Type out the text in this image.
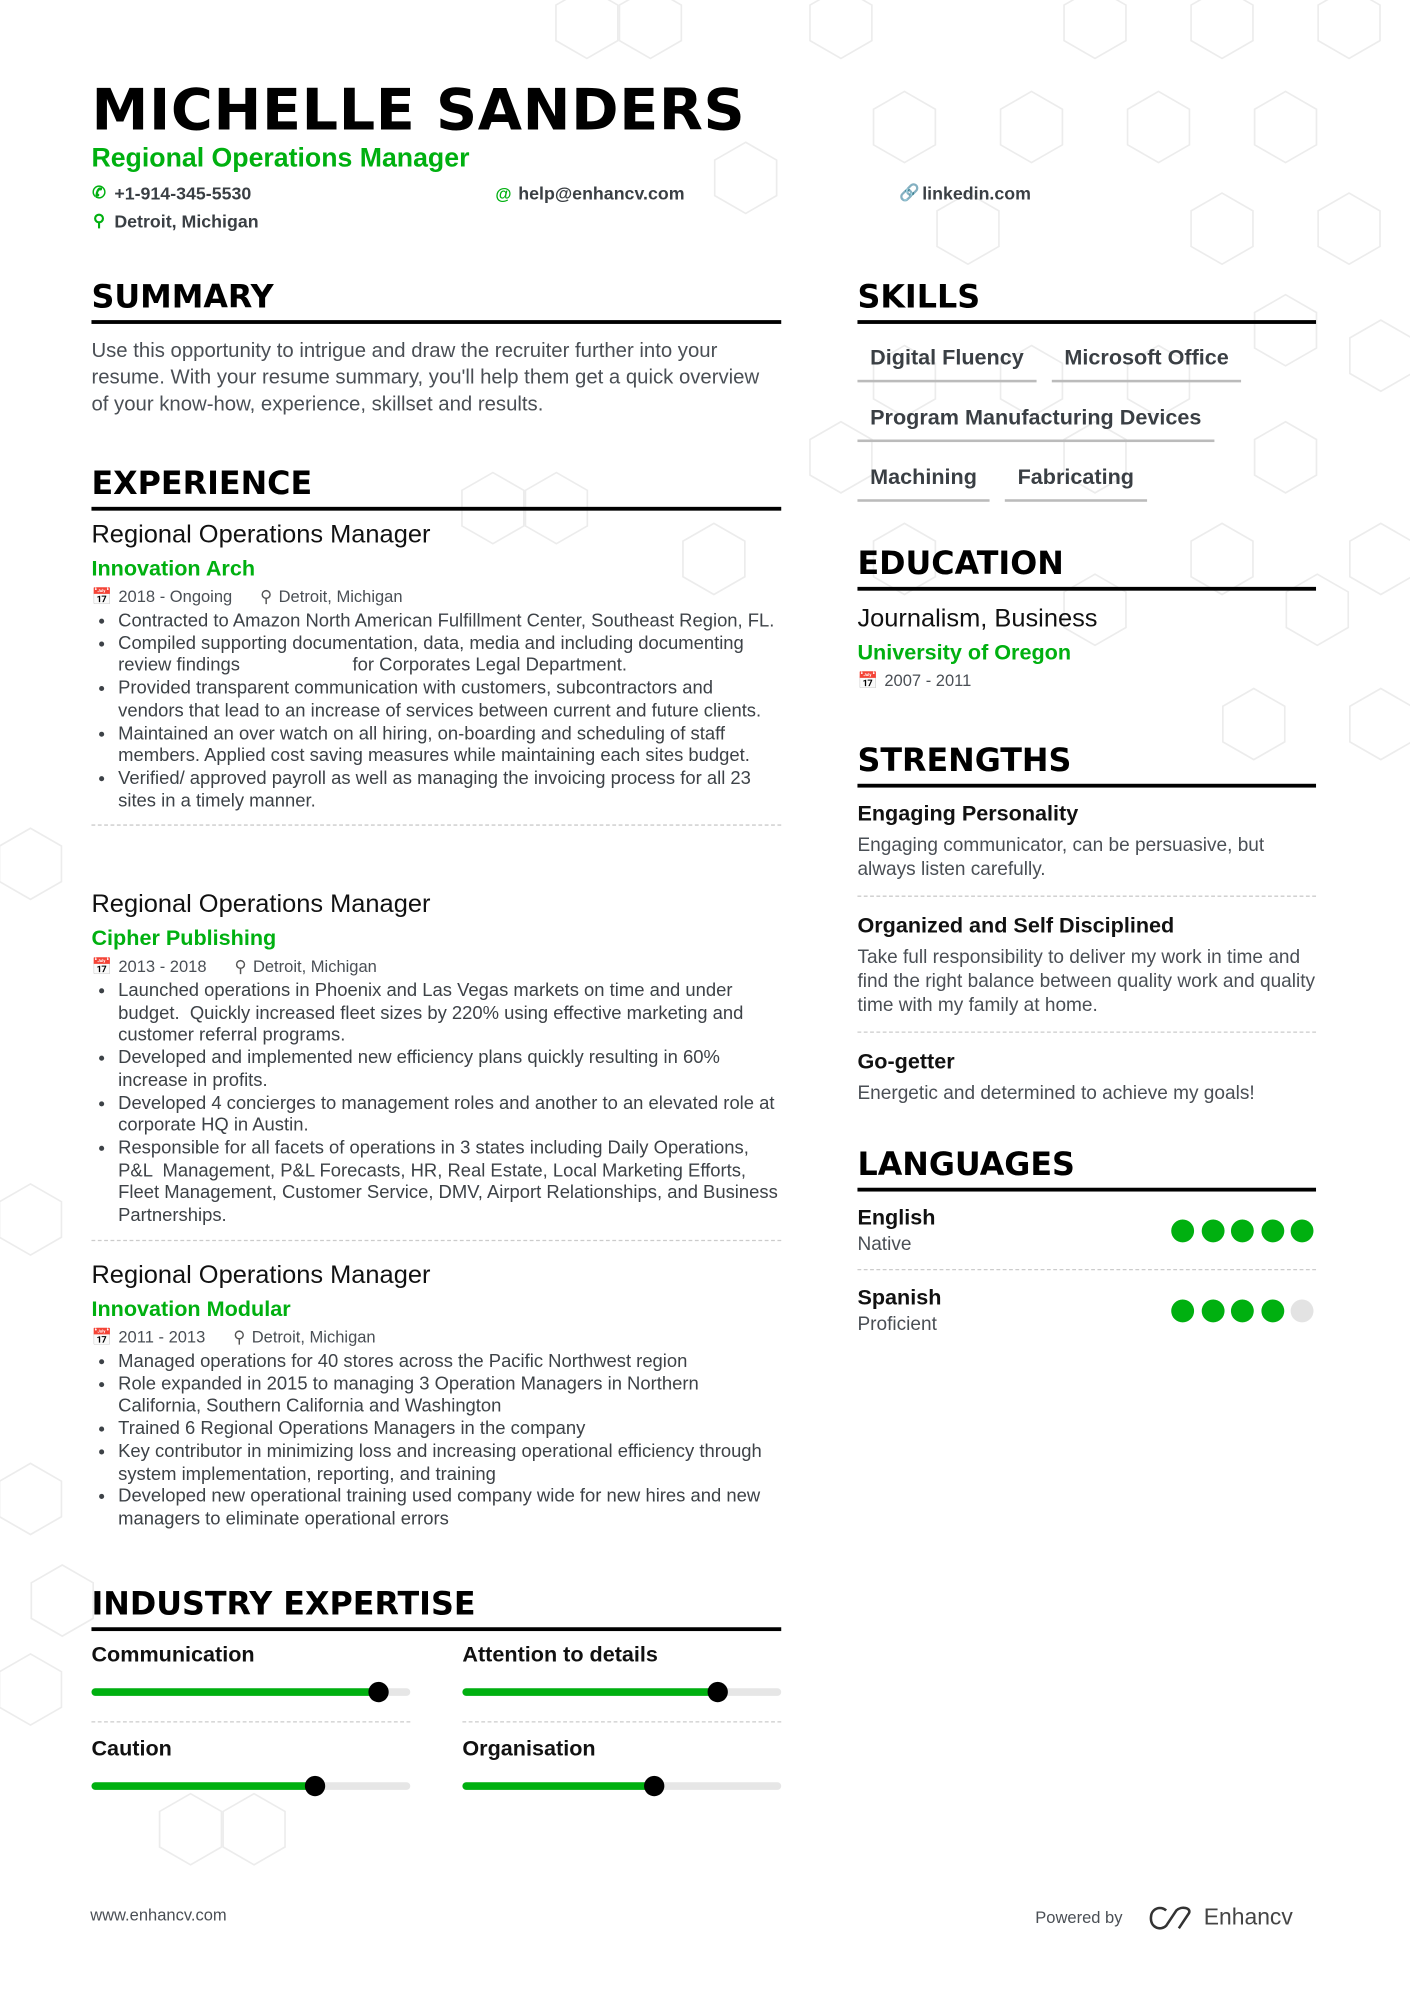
MICHELLE SANDERS
Regional Operations Manager
✆ +1-914-345-5530	@ help@enhancv.com	🔗 linkedin.com
⚲ Detroit, Michigan
SUMMARY
Use this opportunity to intrigue and draw the recruiter further into your resume. With your resume summary, you'll help them get a quick overview of your know-how, experience, skillset and results.
EXPERIENCE
Regional Operations Manager
Innovation Arch
📅 2018 - Ongoing ⚲ Detroit, Michigan
• Contracted to Amazon North American Fulfillment Center, Southeast Region, FL.
• Compiled supporting documentation, data, media and including documenting review findings                      for Corporates Legal Department.
• Provided transparent communication with customers, subcontractors and vendors that lead to an increase of services between current and future clients.
• Maintained an over watch on all hiring, on-boarding and scheduling of staff members. Applied cost saving measures while maintaining each sites budget.
• Verified/ approved payroll as well as managing the invoicing process for all 23 sites in a timely manner.
Regional Operations Manager
Cipher Publishing
📅 2013 - 2018 ⚲ Detroit, Michigan
• Launched operations in Phoenix and Las Vegas markets on time and under budget.  Quickly increased fleet sizes by 220% using effective marketing and customer referral programs.
• Developed and implemented new efficiency plans quickly resulting in 60% increase in profits.
• Developed 4 concierges to management roles and another to an elevated role at corporate HQ in Austin.
• Responsible for all facets of operations in 3 states including Daily Operations, P&L  Management, P&L Forecasts, HR, Real Estate, Local Marketing Efforts, Fleet Management, Customer Service, DMV, Airport Relationships, and Business Partnerships.
Regional Operations Manager
Innovation Modular
📅 2011 - 2013 ⚲ Detroit, Michigan
• Managed operations for 40 stores across the Pacific Northwest region
• Role expanded in 2015 to managing 3 Operation Managers in Northern California, Southern California and Washington
• Trained 6 Regional Operations Managers in the company
• Key contributor in minimizing loss and increasing operational efficiency through system implementation, reporting, and training
• Developed new operational training used company wide for new hires and new managers to eliminate operational errors
INDUSTRY EXPERTISE
Communication	Attention to details
Caution	Organisation
SKILLS
Digital Fluency Microsoft Office
Program Manufacturing Devices
Machining Fabricating
EDUCATION
Journalism, Business
University of Oregon
📅 2007 - 2011
STRENGTHS
Engaging Personality
Engaging communicator, can be persuasive, but always listen carefully.
Organized and Self Disciplined
Take full responsibility to deliver my work in time and find the right balance between quality work and quality time with my family at home.
Go-getter
Energetic and determined to achieve my goals!
LANGUAGES
English
Native
Spanish
Proficient
www.enhancv.com	Powered by	Enhancv
